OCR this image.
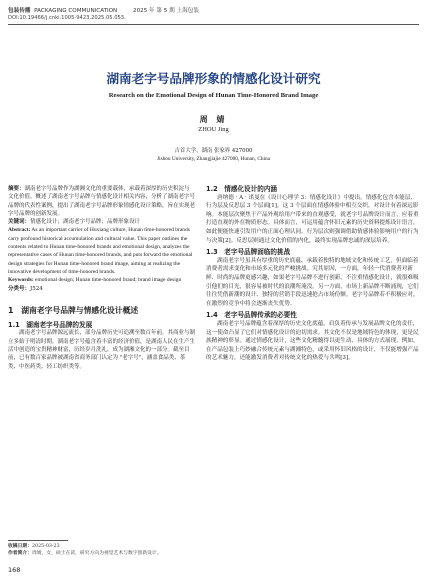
包装传播 PACKAGING COMMUNICATION	2025 年 第 5 期 上海包装
DOI:10.19466/j.cnki.1005-9423.2025.05.053.
湖南老字号品牌形象的情感化设计研究
Research on the Emotional Design of Hunan Time-Honored Brand Image
周 婧
ZHOU Jing
吉首大学，湖南 张家界 427000
Jishou University, Zhangjiajie 427000, Hunan, China

摘要：湖南老字号品牌作为湖湘文化的重要载体，承载着深厚的历史积淀与文化价值。概述了湖南老字号品牌与情感化设计相关内容，分析了湖南老字号品牌的代表性案例，提出了湖南老字号品牌形象情感化设计策略，旨在实现老字号品牌的创新发展。

关键词：情感化设计；湖南老字号品牌；品牌形象设计

Abstract: As an important carrier of Huxiang culture, Hunan time-honored brands carry profound historical accumulation and cultural value. This paper outlines the contents related to Hunan time-honored brands and emotional design, analyzes the representative cases of Hunan time-honored brands, and puts forward the emotional design strategies for Hunan time-honored brand image, aiming at realizing the innovative development of time-honored brands.

Keywords: emotional design; Hunan time-honored brand; brand image design

分类号：J524

1　湖南老字号品牌与情感化设计概述

1.1　湖南老字号品牌的发展

湖南老字号品牌源远流长，部分品牌历史可追溯至数百年前，其商业与制立多始于明清时期。湖南老字号蕴含着丰富的经济价值，是湖南人民在生产生活中创造的宝贵精神财富，历经岁月洗礼，成为湖湘文化的一部分。截至目前，已有数百家品牌被湖南省商务部门认定为 "老字号"，涵盖食品类、茶类、中医药类、轻工纺织类等。

收稿日期：2025-03-23

作者简介：周婧，女，硕士在读，研究方向为视觉艺术与数字创新设计。

168

1.2　情感化设计的内涵

唐纳德 · A · 诺曼在《设计心理学 3：情感化设计》中提出，情感化包含本能层、行为层及反思层 3 个层面[1]。这 3 个层面在情感体验中相互交织，对设计有着深远影响。本能层次聚焦于产品外观给用户带来的直观感受，就老字号品牌设计而言，应着重打造直观的外在物质形态。具体而言，可运用蕴含怀旧元素的历史资料提炼设计语言，如此便能快速引发用户的正面心理认同。行为层次则强调借助情感体验影响用户的行为与决策[2]。反思层则通过文化价值的内化，最终实现品牌忠诚的深层培养。

1.3　老字号品牌面临的挑战

湖南老字号虽具有厚重的历史底蕴、承载着独特的地域文化和传统工艺，但面临着消费者需求变化和市场多元化的严峻挑战。究其原因，一方面，年轻一代消费者对新鲜、时尚的品牌更感兴趣，如果老字号品牌不进行创新，不注重情感化设计，就很难吸引他们的目光，很容易被时代的浪潮所淹没。另一方面，市场上新品牌不断涌现，它们往往凭借新潮的设计、独特的营销手段迅速抢占市场份额。老字号品牌若不积极应对，在激烈的竞争中将会逐渐丧失优势。

1.4　老字号品牌传承的必要性

湖南老字号品牌蕴含着深厚的历史文化底蕴，肩负着传承与发展品牌文化的责任，这一使命凸显了它们对情感化设计的迫切需求。其文化不仅是地域特色的体现，更是民族精神的彰显。通过情感化设计，这些文化精髓得以更生动、具体的方式展现。例如，在产品包装上巧妙融合传统元素与湖湘特色，或采用怀旧风格的设计，不仅能增强产品的艺术魅力，还能激发消费者对传统文化的热爱与共鸣[3]。
